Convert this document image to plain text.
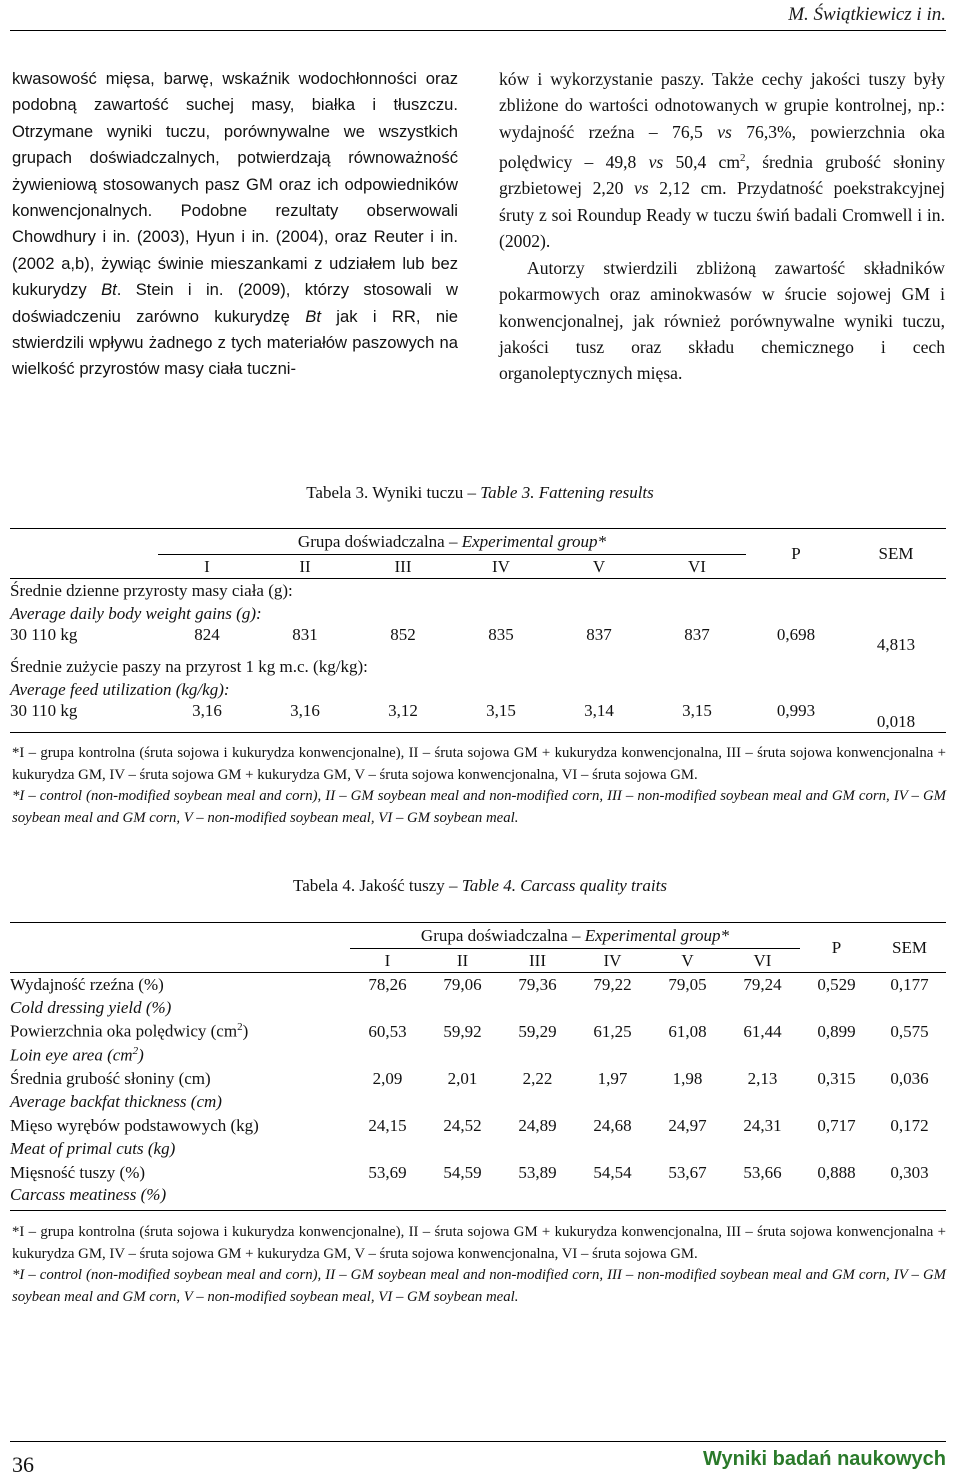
M. Świątkiewicz i in.

kwasowość mięsa, barwę, wskaźnik wodochłonności oraz podobną zawartość suchej masy, białka i tłuszczu. Otrzymane wyniki tuczu, porównywalne we wszystkich grupach doświadczalnych, potwierdzają równoważność żywieniową stosowanych pasz GM oraz ich odpowiedników konwencjonalnych. Podobne rezultaty obserwowali Chowdhury i in. (2003), Hyun i in. (2004), oraz Reuter i in. (2002 a,b), żywiąc świnie mieszankami z udziałem lub bez kukurydzy Bt. Stein i in. (2009), którzy stosowali w doświadczeniu zarówno kukurydzę Bt jak i RR, nie stwierdzili wpływu żadnego z tych materiałów paszowych na wielkość przyrostów masy ciała tuczni-

ków i wykorzystanie paszy. Także cechy jakości tuszy były zbliżone do wartości odnotowanych w grupie kontrolnej, np.: wydajność rzeźna – 76,5 vs 76,3%, powierzchnia oka polędwicy – 49,8 vs 50,4 $cm^2$, średnia grubość słoniny grzbietowej 2,20 vs 2,12 cm. Przydatność poekstrakcyjnej śruty z soi Roundup Ready w tuczu świń badali Cromwell i in. (2002).

Autorzy stwierdzili zbliżoną zawartość składników pokarmowych oraz aminokwasów w śrucie sojowej GM i konwencjonalnej, jak również porównywalne wyniki tuczu, jakości tusz oraz składu chemicznego i cech organoleptycznych mięsa.

Tabela 3. Wyniki tuczu – Table 3. Fattening results
	Grupa doświadczalna – Experimental group*						P	SEM
	I	II	III	IV	V	VI		
Średnie dzienne przyrosty masy ciała (g):								
Average daily body weight gains (g):								
30 110 kg	824	831	852	835	837	837	0,698	4,813
Średnie zużycie paszy na przyrost 1 kg m.c. (kg/kg):								
Average feed utilization (kg/kg):								
30 110 kg	3,16	3,16	3,12	3,15	3,14	3,15	0,993	0,018

*I – grupa kontrolna (śruta sojowa i kukurydza konwencjonalne), II – śruta sojowa GM + kukurydza konwencjonalna, III – śruta sojowa konwencjonalna + kukurydza GM, IV – śruta sojowa GM + kukurydza GM, V – śruta sojowa konwencjonalna, VI – śruta sojowa GM.

*I – control (non-modified soybean meal and corn), II – GM soybean meal and non-modified corn, III – non-modified soybean meal and GM corn, IV – GM soybean meal and GM corn, V – non-modified soybean meal, VI – GM soybean meal.

Tabela 4. Jakość tuszy – Table 4. Carcass quality traits
	Grupa doświadczalna – Experimental group*						P	SEM
	I	II	III	IV	V	VI		
Wydajność rzeźna (%)	78,26	79,06	79,36	79,22	79,05	79,24	0,529	0,177
Cold dressing yield (%)								
Powierzchnia oka polędwicy $(cm^2)$	60,53	59,92	59,29	61,25	61,08	61,44	0,899	0,575
Loin eye area $(cm^2)$								
Średnia grubość słoniny (cm)	2,09	2,01	2,22	1,97	1,98	2,13	0,315	0,036
Average backfat thickness (cm)								
Mięso wyrębów podstawowych (kg)	24,15	24,52	24,89	24,68	24,97	24,31	0,717	0,172
Meat of primal cuts (kg)								
Mięsność tuszy (%)	53,69	54,59	53,89	54,54	53,67	53,66	0,888	0,303
Carcass meatiness (%)								

*I – grupa kontrolna (śruta sojowa i kukurydza konwencjonalne), II – śruta sojowa GM + kukurydza konwencjonalna, III – śruta sojowa konwencjonalna + kukurydza GM, IV – śruta sojowa GM + kukurydza GM, V – śruta sojowa konwencjonalna, VI – śruta sojowa GM.

*I – control (non-modified soybean meal and corn), II – GM soybean meal and non-modified corn, III – non-modified soybean meal and GM corn, IV – GM soybean meal and GM corn, V – non-modified soybean meal, VI – GM soybean meal.

36	Wyniki badań naukowych
